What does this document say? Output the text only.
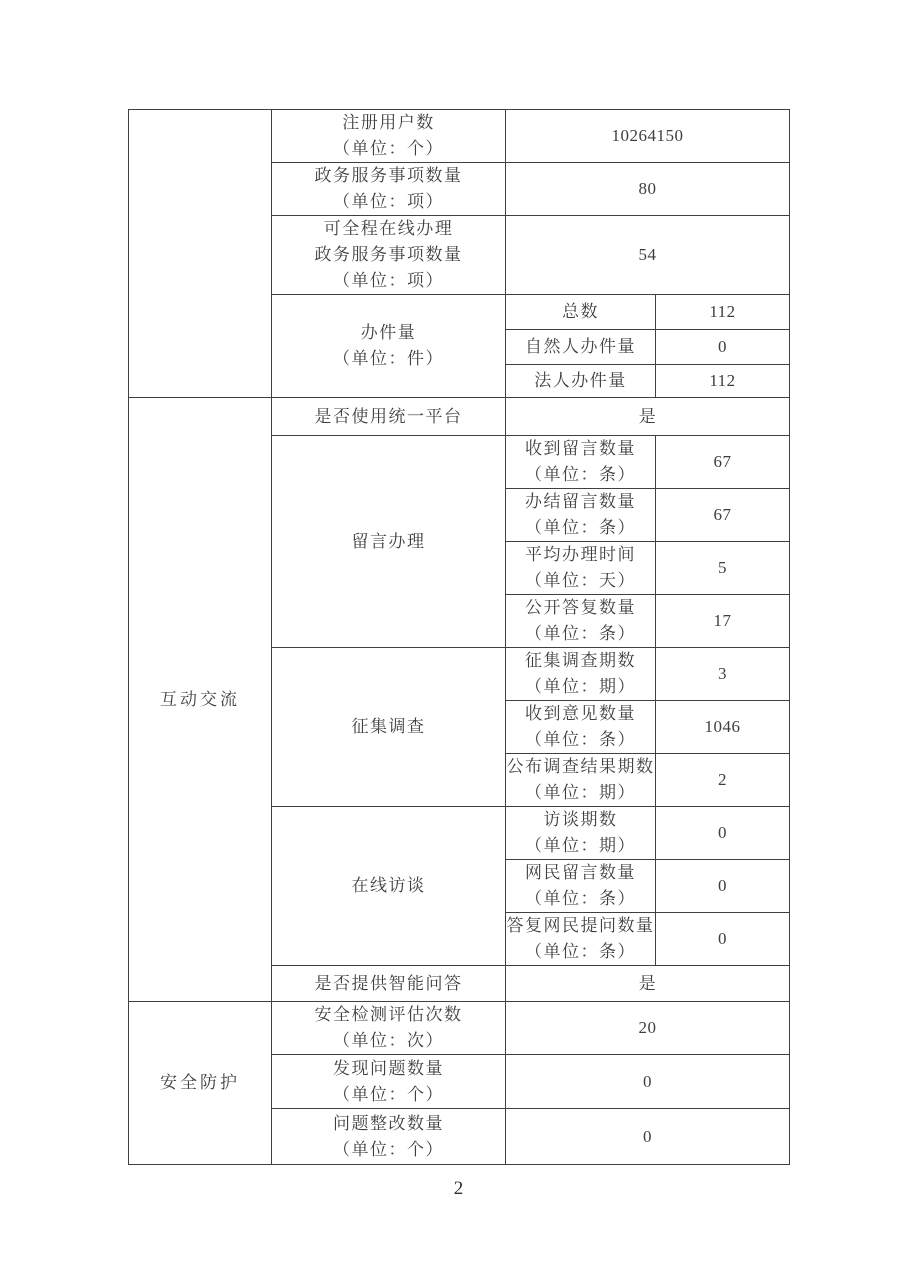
	注册用户数
（单位：个）	10264150	

	政务服务事项数量
（单位：项）	80	

	可全程在线办理
政务服务事项数量
（单位：项）	54	

	办件量
（单位：件）	总数	112

		自然人办件量	0

		法人办件量	112

互动交流	是否使用统一平台	是	

	留言办理	收到留言数量
（单位：条）	67

		办结留言数量
（单位：条）	67

		平均办理时间
（单位：天）	5

		公开答复数量
（单位：条）	17

	征集调查	征集调查期数
（单位：期）	3

		收到意见数量
（单位：条）	1046

		公布调查结果期数
（单位：期）	2

	在线访谈	访谈期数
（单位：期）	0

		网民留言数量
（单位：条）	0

		答复网民提问数量
（单位：条）	0

	是否提供智能问答	是	

安全防护	安全检测评估次数
（单位：次）	20	

	发现问题数量
（单位：个）	0	

	问题整改数量
（单位：个）	0	
2
